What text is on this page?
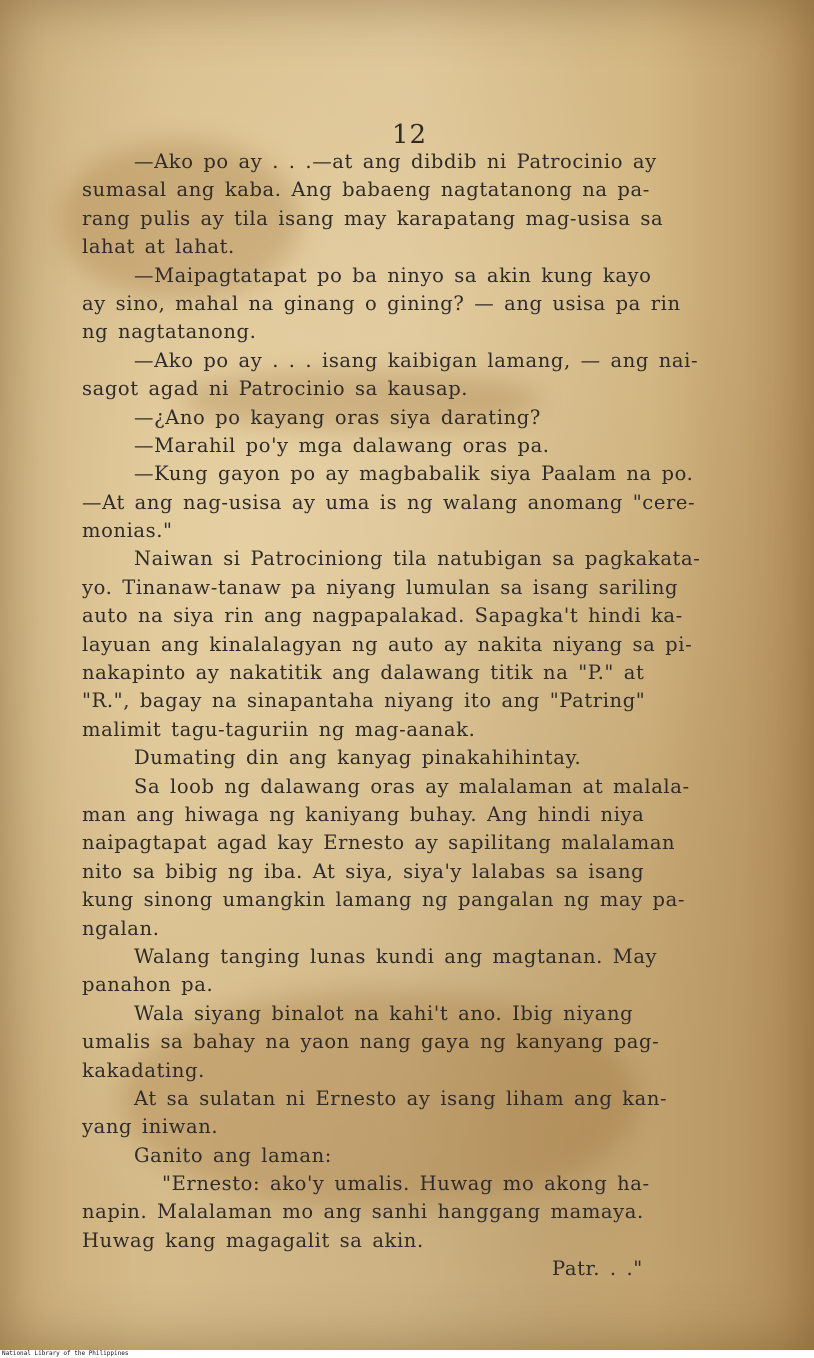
12
—Ako po ay . . .—at ang dibdib ni Patrocinio ay
sumasal ang kaba. Ang babaeng nagtatanong na pa-
rang pulis ay tila isang may karapatang mag-usisa sa
lahat at lahat.
—Maipagtatapat po ba ninyo sa akin kung kayo
ay sino, mahal na ginang o gining? — ang usisa pa rin
ng nagtatanong.
—Ako po ay . . . isang kaibigan lamang, — ang nai-
sagot agad ni Patrocinio sa kausap.
—¿Ano po kayang oras siya darating?
—Marahil po'y mga dalawang oras pa.
—Kung gayon po ay magbabalik siya Paalam na po.
—At ang nag-usisa ay uma is ng walang anomang "cere-
monias."
Naiwan si Patrociniong tila natubigan sa pagkakata-
yo. Tinanaw-tanaw pa niyang lumulan sa isang sariling
auto na siya rin ang nagpapalakad. Sapagka't hindi ka-
layuan ang kinalalagyan ng auto ay nakita niyang sa pi-
nakapinto ay nakatitik ang dalawang titik na "P." at
"R.", bagay na sinapantaha niyang ito ang "Patring"
malimit tagu-taguriin ng mag-aanak.
Dumating din ang kanyag pinakahihintay.
Sa loob ng dalawang oras ay malalaman at malala-
man ang hiwaga ng kaniyang buhay. Ang hindi niya
naipagtapat agad kay Ernesto ay sapilitang malalaman
nito sa bibig ng iba. At siya, siya'y lalabas sa isang
kung sinong umangkin lamang ng pangalan ng may pa-
ngalan.
Walang tanging lunas kundi ang magtanan. May
panahon pa.
Wala siyang binalot na kahi't ano. Ibig niyang
umalis sa bahay na yaon nang gaya ng kanyang pag-
kakadating.
At sa sulatan ni Ernesto ay isang liham ang kan-
yang iniwan.
Ganito ang laman:
"Ernesto: ako'y umalis. Huwag mo akong ha-
napin. Malalaman mo ang sanhi hanggang mamaya.
Huwag kang magagalit sa akin.
Patr. . ."
National Library of the Philippines
